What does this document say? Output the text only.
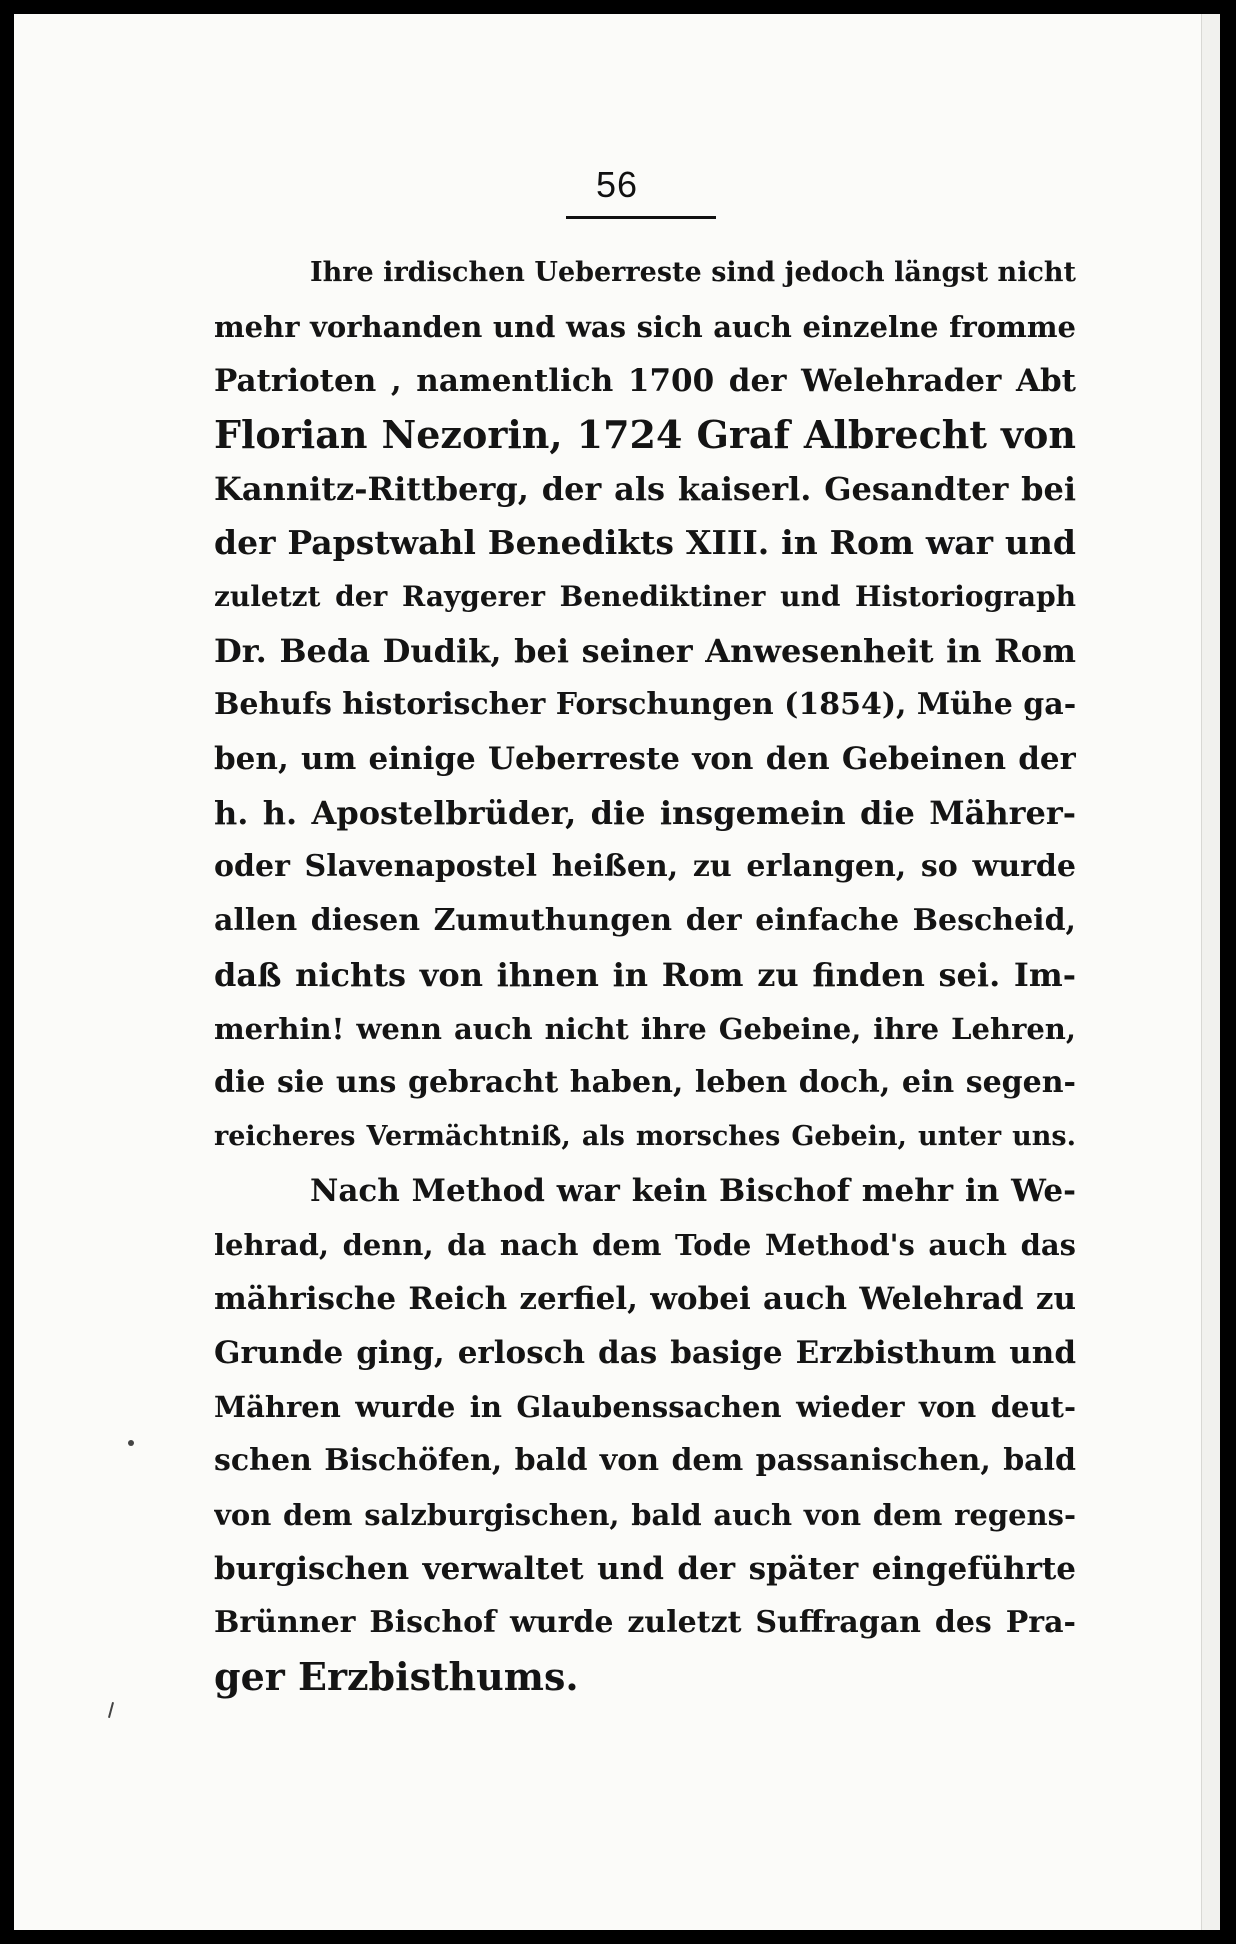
56
Ihre irdischen Ueberreste sind jedoch längst nicht
mehr vorhanden und was sich auch einzelne fromme
Patrioten , namentlich 1700 der Welehrader Abt
Florian Nezorin, 1724 Graf Albrecht von
Kannitz-Rittberg, der als kaiserl. Gesandter bei
der Papstwahl Benedikts XIII. in Rom war und
zuletzt der Raygerer Benediktiner und Historiograph
Dr. Beda Dudik, bei seiner Anwesenheit in Rom
Behufs historischer Forschungen (1854), Mühe ga-
ben, um einige Ueberreste von den Gebeinen der
h. h. Apostelbrüder, die insgemein die Mährer-
oder Slavenapostel heißen, zu erlangen, so wurde
allen diesen Zumuthungen der einfache Bescheid,
daß nichts von ihnen in Rom zu finden sei. Im-
merhin! wenn auch nicht ihre Gebeine, ihre Lehren,
die sie uns gebracht haben, leben doch, ein segen-
reicheres Vermächtniß, als morsches Gebein, unter uns.
Nach Method war kein Bischof mehr in We-
lehrad, denn, da nach dem Tode Method's auch das
mährische Reich zerfiel, wobei auch Welehrad zu
Grunde ging, erlosch das basige Erzbisthum und
Mähren wurde in Glaubenssachen wieder von deut-
schen Bischöfen, bald von dem passanischen, bald
von dem salzburgischen, bald auch von dem regens-
burgischen verwaltet und der später eingeführte
Brünner Bischof wurde zuletzt Suffragan des Pra-
ger Erzbisthums.
